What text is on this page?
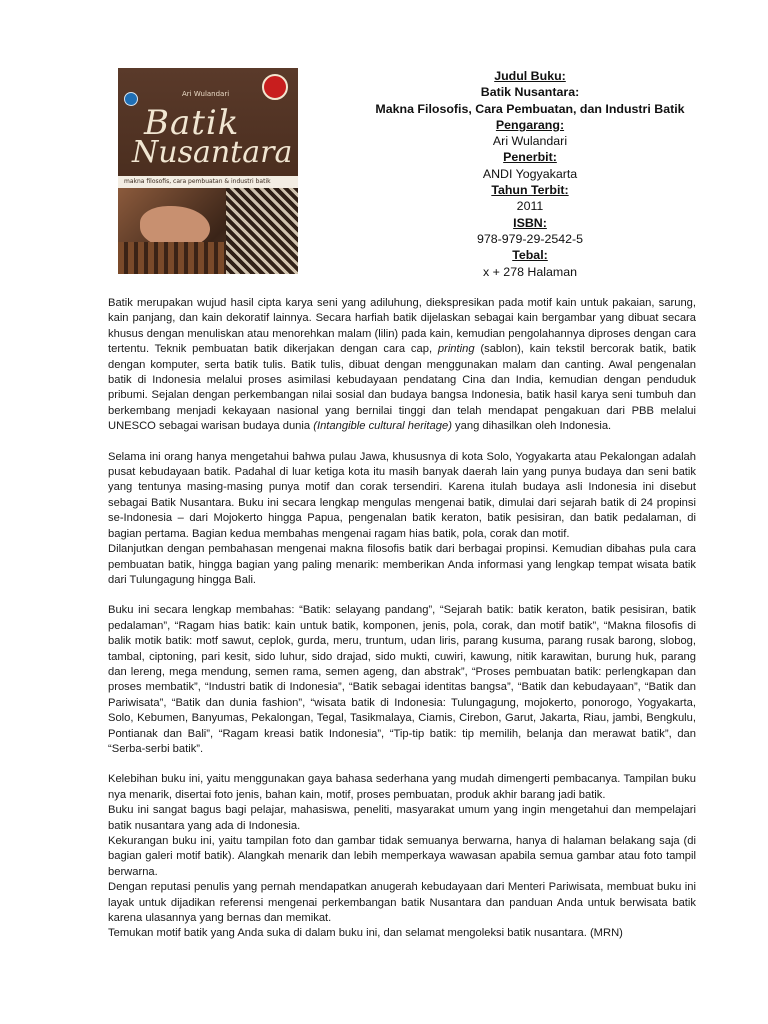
Ari Wulandari
Batik
Nusantara
makna filosofis, cara pembuatan & industri batik
Judul Buku:
Batik Nusantara:
Makna Filosofis, Cara Pembuatan, dan Industri Batik
Pengarang:
Ari Wulandari
Penerbit:
ANDI Yogyakarta
Tahun Terbit:
2011
ISBN:
978-979-29-2542-5
Tebal:
x + 278 Halaman

Batik merupakan wujud hasil cipta karya seni yang adiluhung, diekspresikan pada motif kain untuk pakaian, sarung, kain panjang, dan kain dekoratif lainnya. Secara harfiah batik dijelaskan sebagai kain bergambar yang dibuat secara khusus dengan menuliskan atau menorehkan malam (lilin) pada kain, kemudian pengolahannya diproses dengan cara tertentu. Teknik pembuatan batik dikerjakan dengan cara cap, printing (sablon), kain tekstil bercorak batik, batik dengan komputer, serta batik tulis. Batik tulis, dibuat dengan menggunakan malam dan canting. Awal pengenalan batik di Indonesia melalui proses asimilasi kebudayaan pendatang Cina dan India, kemudian dengan penduduk pribumi. Sejalan dengan perkembangan nilai sosial dan budaya bangsa Indonesia, batik hasil karya seni tumbuh dan berkembang menjadi kekayaan nasional yang bernilai tinggi dan telah mendapat pengakuan dari PBB melalui UNESCO sebagai warisan budaya dunia (Intangible cultural heritage) yang dihasilkan oleh Indonesia.

Selama ini orang hanya mengetahui bahwa pulau Jawa, khususnya di kota Solo, Yogyakarta atau Pekalongan adalah pusat kebudayaan batik. Padahal di luar ketiga kota itu masih banyak daerah lain yang punya budaya dan seni batik yang tentunya masing-masing punya motif dan corak tersendiri. Karena itulah budaya asli Indonesia ini disebut sebagai Batik Nusantara. Buku ini secara lengkap mengulas mengenai batik, dimulai dari sejarah batik di 24 propinsi se-Indonesia – dari Mojokerto hingga Papua, pengenalan batik keraton, batik pesisiran, dan batik pedalaman, di bagian pertama. Bagian kedua membahas mengenai ragam hias batik, pola, corak dan motif.

Dilanjutkan dengan pembahasan mengenai makna filosofis batik dari berbagai propinsi. Kemudian dibahas pula cara pembuatan batik, hingga bagian yang paling menarik: memberikan Anda informasi yang lengkap tempat wisata batik dari Tulungagung hingga Bali.

Buku ini secara lengkap membahas: “Batik: selayang pandang”, “Sejarah batik: batik keraton, batik pesisiran, batik pedalaman”, “Ragam hias batik: kain untuk batik, komponen, jenis, pola, corak, dan motif batik”, “Makna filosofis di balik motik batik: motf sawut, ceplok, gurda, meru, truntum, udan liris, parang kusuma, parang rusak barong, slobog, tambal, ciptoning, pari kesit, sido luhur, sido drajad, sido mukti, cuwiri, kawung, nitik karawitan, burung huk, parang dan lereng, mega mendung, semen rama, semen ageng, dan abstrak”, “Proses pembuatan batik: perlengkapan dan proses membatik”, “Industri batik di Indonesia”, “Batik sebagai identitas bangsa”, “Batik dan kebudayaan”, “Batik dan Pariwisata”, “Batik dan dunia fashion”, “wisata batik di Indonesia: Tulungagung, mojokerto, ponorogo, Yogyakarta, Solo, Kebumen, Banyumas, Pekalongan, Tegal, Tasikmalaya, Ciamis, Cirebon, Garut, Jakarta, Riau, jambi, Bengkulu, Pontianak dan Bali”, “Ragam kreasi batik Indonesia”, “Tip-tip batik: tip memilih, belanja dan merawat batik”, dan “Serba-serbi batik”.

Kelebihan buku ini, yaitu menggunakan gaya bahasa sederhana yang mudah dimengerti pembacanya. Tampilan buku nya menarik, disertai foto jenis, bahan kain, motif, proses pembuatan, produk akhir barang jadi batik.

Buku ini sangat bagus bagi pelajar, mahasiswa, peneliti, masyarakat umum yang ingin mengetahui dan mempelajari batik nusantara yang ada di Indonesia.

Kekurangan buku ini, yaitu tampilan foto dan gambar tidak semuanya berwarna, hanya di halaman belakang saja (di bagian galeri motif batik). Alangkah menarik dan lebih memperkaya wawasan apabila semua gambar atau foto tampil berwarna.

Dengan reputasi penulis yang pernah mendapatkan anugerah kebudayaan dari Menteri Pariwisata, membuat buku ini layak untuk dijadikan referensi mengenai perkembangan batik Nusantara dan panduan Anda untuk berwisata batik karena ulasannya yang bernas dan memikat.

Temukan motif batik yang Anda suka di dalam buku ini, dan selamat mengoleksi batik nusantara. (MRN)
